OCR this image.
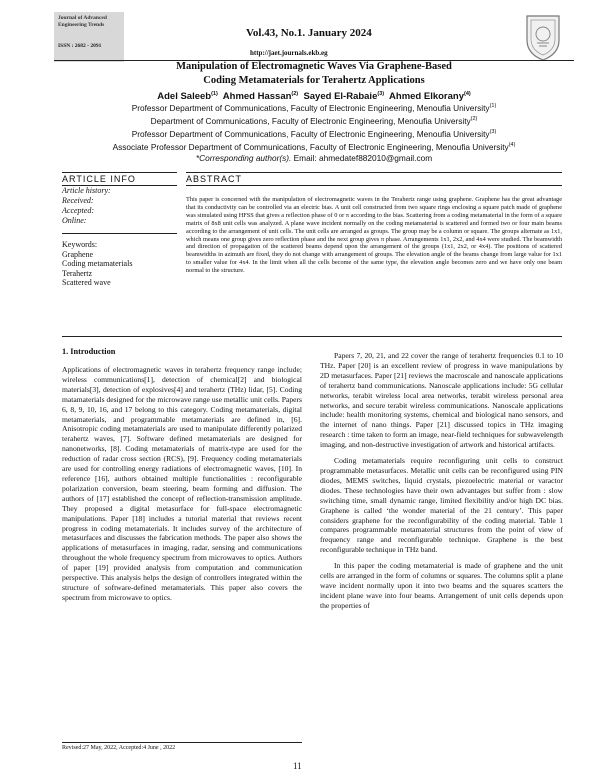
Journal of Advanced
Engineering Trends
ISSN : 2682 - 2091
Vol.43, No.1. January 2024
http://jaet.journals.ekb.eg
Manipulation of Electromagnetic Waves Via Graphene-Based
Coding Metamaterials for Terahertz Applications
Adel Saleeb$^{(1)}$ Ahmed Hassan$^{(2)}$ Sayed El-Rabaie$^{(3)}$ Ahmed Elkorany$^{(4)}$
Professor Department of Communications, Faculty of Electronic Engineering, Menoufia University$^{(1)}$
Department of Communications, Faculty of Electronic Engineering, Menoufia University$^{(2)}$
Professor Department of Communications, Faculty of Electronic Engineering, Menoufia University$^{(3)}$
Associate Professor Department of Communications, Faculty of Electronic Engineering, Menoufia University$^{(4)}$
*Corresponding author(s). Email: ahmedatef882010@gmail.com
ARTICLE INFO	ABSTRACT
Article history:
Received:
Accepted:
Online:
Keywords:
Graphene
Coding metamaterials
Terahertz
Scattered wave
This paper is concerned with the manipulation of electromagnetic waves in the Terahertz range using graphene. Graphene has the great advantage that its conductivity can be controlled via an electric bias. A unit cell constructed from two square rings enclosing a square patch made of graphene was simulated using HFSS that gives a reflection phase of 0 or π according to the bias. Scattering from a coding metamaterial in the form of a square matrix of 8x8 unit cells was analyzed. A plane wave incident normally on the coding metamaterial is scattered and formed two or four main beams according to the arrangement of unit cells. The unit cells are arranged as groups. The group may be a column or square. The groups alternate as 1x1, which means one group gives zero reflection phase and the next group gives π phase. Arrangements 1x1, 2x2, and 4x4 were studied. The beamwidth and direction of propagation of the scattered beams depend upon the arrangement of the groups (1x1, 2x2, or 4x4). The positions of scattered beamwidths in azimuth are fixed, they do not change with arrangement of groups. The elevation angle of the beams change from large value for 1x1 to smaller value for 4x4. In the limit when all the cells become of the same type, the elevation angle becomes zero and we have only one beam normal to the structure.
1. Introduction

Applications of electromagnetic waves in terahertz frequency range include; wireless communications[1], detection of chemical[2] and biological materials[3], detection of explosives[4] and terahertz (THz) lidar, [5]. Coding matamaterials designed for the microwave range use metallic unit cells. Papers 6, 8, 9, 10, 16, and 17 belong to this category. Coding metamaterials, digital metamaterials, and programmable metamaterials are defined in, [6]. Anisotropic coding metamaterials are used to manipulate differently polarized terahertz waves, [7]. Software defined metamaterials are designed for nanonetworks, [8]. Coding metamaterials of matrix-type are used for the reduction of radar cross section (RCS), [9]. Frequency coding metamaterials are used for controlling energy radiations of electromagnetic waves, [10]. In reference [16], authors obtained multiple functionalities : reconfigurable polarization conversion, beam steering, beam forming and diffusion. The authors of [17] established the concept of reflection-transmission amplitude. They proposed a digital metasurface for full-space electromagnetic manipulations. Paper [18] includes a tutorial material that reviews recent progress in coding metamaterials. It includes survey of the architecture of metasurfaces and discusses the fabrication methods. The paper also shows the applications of metasurfaces in imaging, radar, sensing and communications throughout the whole frequency spectrum from microwaves to optics. Authors of paper [19] provided analysis from computation and communication perspective. This analysis helps the design of controllers integrated within the structure of software-defined metamaterials. This paper also covers the spectrum from microwave to optics.

Papers 7, 20, 21, and 22 cover the range of terahertz frequencies 0.1 to 10 THz. Paper [20] is an excellent review of progress in wave manipulations by 2D metasurfaces. Paper [21] reviews the macroscale and nanoscale applications of terahertz band communications. Nanoscale applications include: 5G cellular networks, terabit wireless local area networks, terabit wireless personal area networks, and secure terabit wireless communications. Nanoscale applications include: health monitoring systems, chemical and biological nano sensors, and the internet of nano things. Paper [21] discussed topics in THz imaging research : time taken to form an image, near-field techniques for subwavelength imaging, and non-destructive investigation of artwork and historical artifacts.

Coding metamaterials require reconfiguring unit cells to construct programmable metasurfaces. Metallic unit cells can be reconfigured using PIN diodes, MEMS switches, liquid crystals, piezoelectric material or varactor diodes. These technologies have their own advantages but suffer from : slow switching time, small dynamic range, limited flexibility and/or high DC bias. Graphene is called ‘the wonder material of the 21 century’. This paper considers graphene for the reconfigurability of the coding material. Table 1 compares programmable metamaterial structures from the point of view of frequency range and reconfigurable technique. Graphene is the best reconfigurable technique in THz band.

In this paper the coding metamaterial is made of graphene and the unit cells are arranged in the form of columns or squares. The columns split a plane wave incident normally upon it into two beams and the squares scatters the incident plane wave into four beams. Arrangement of unit cells depends upon the properties of

Revised:27 May, 2022, Accepted:4 June , 2022
11
